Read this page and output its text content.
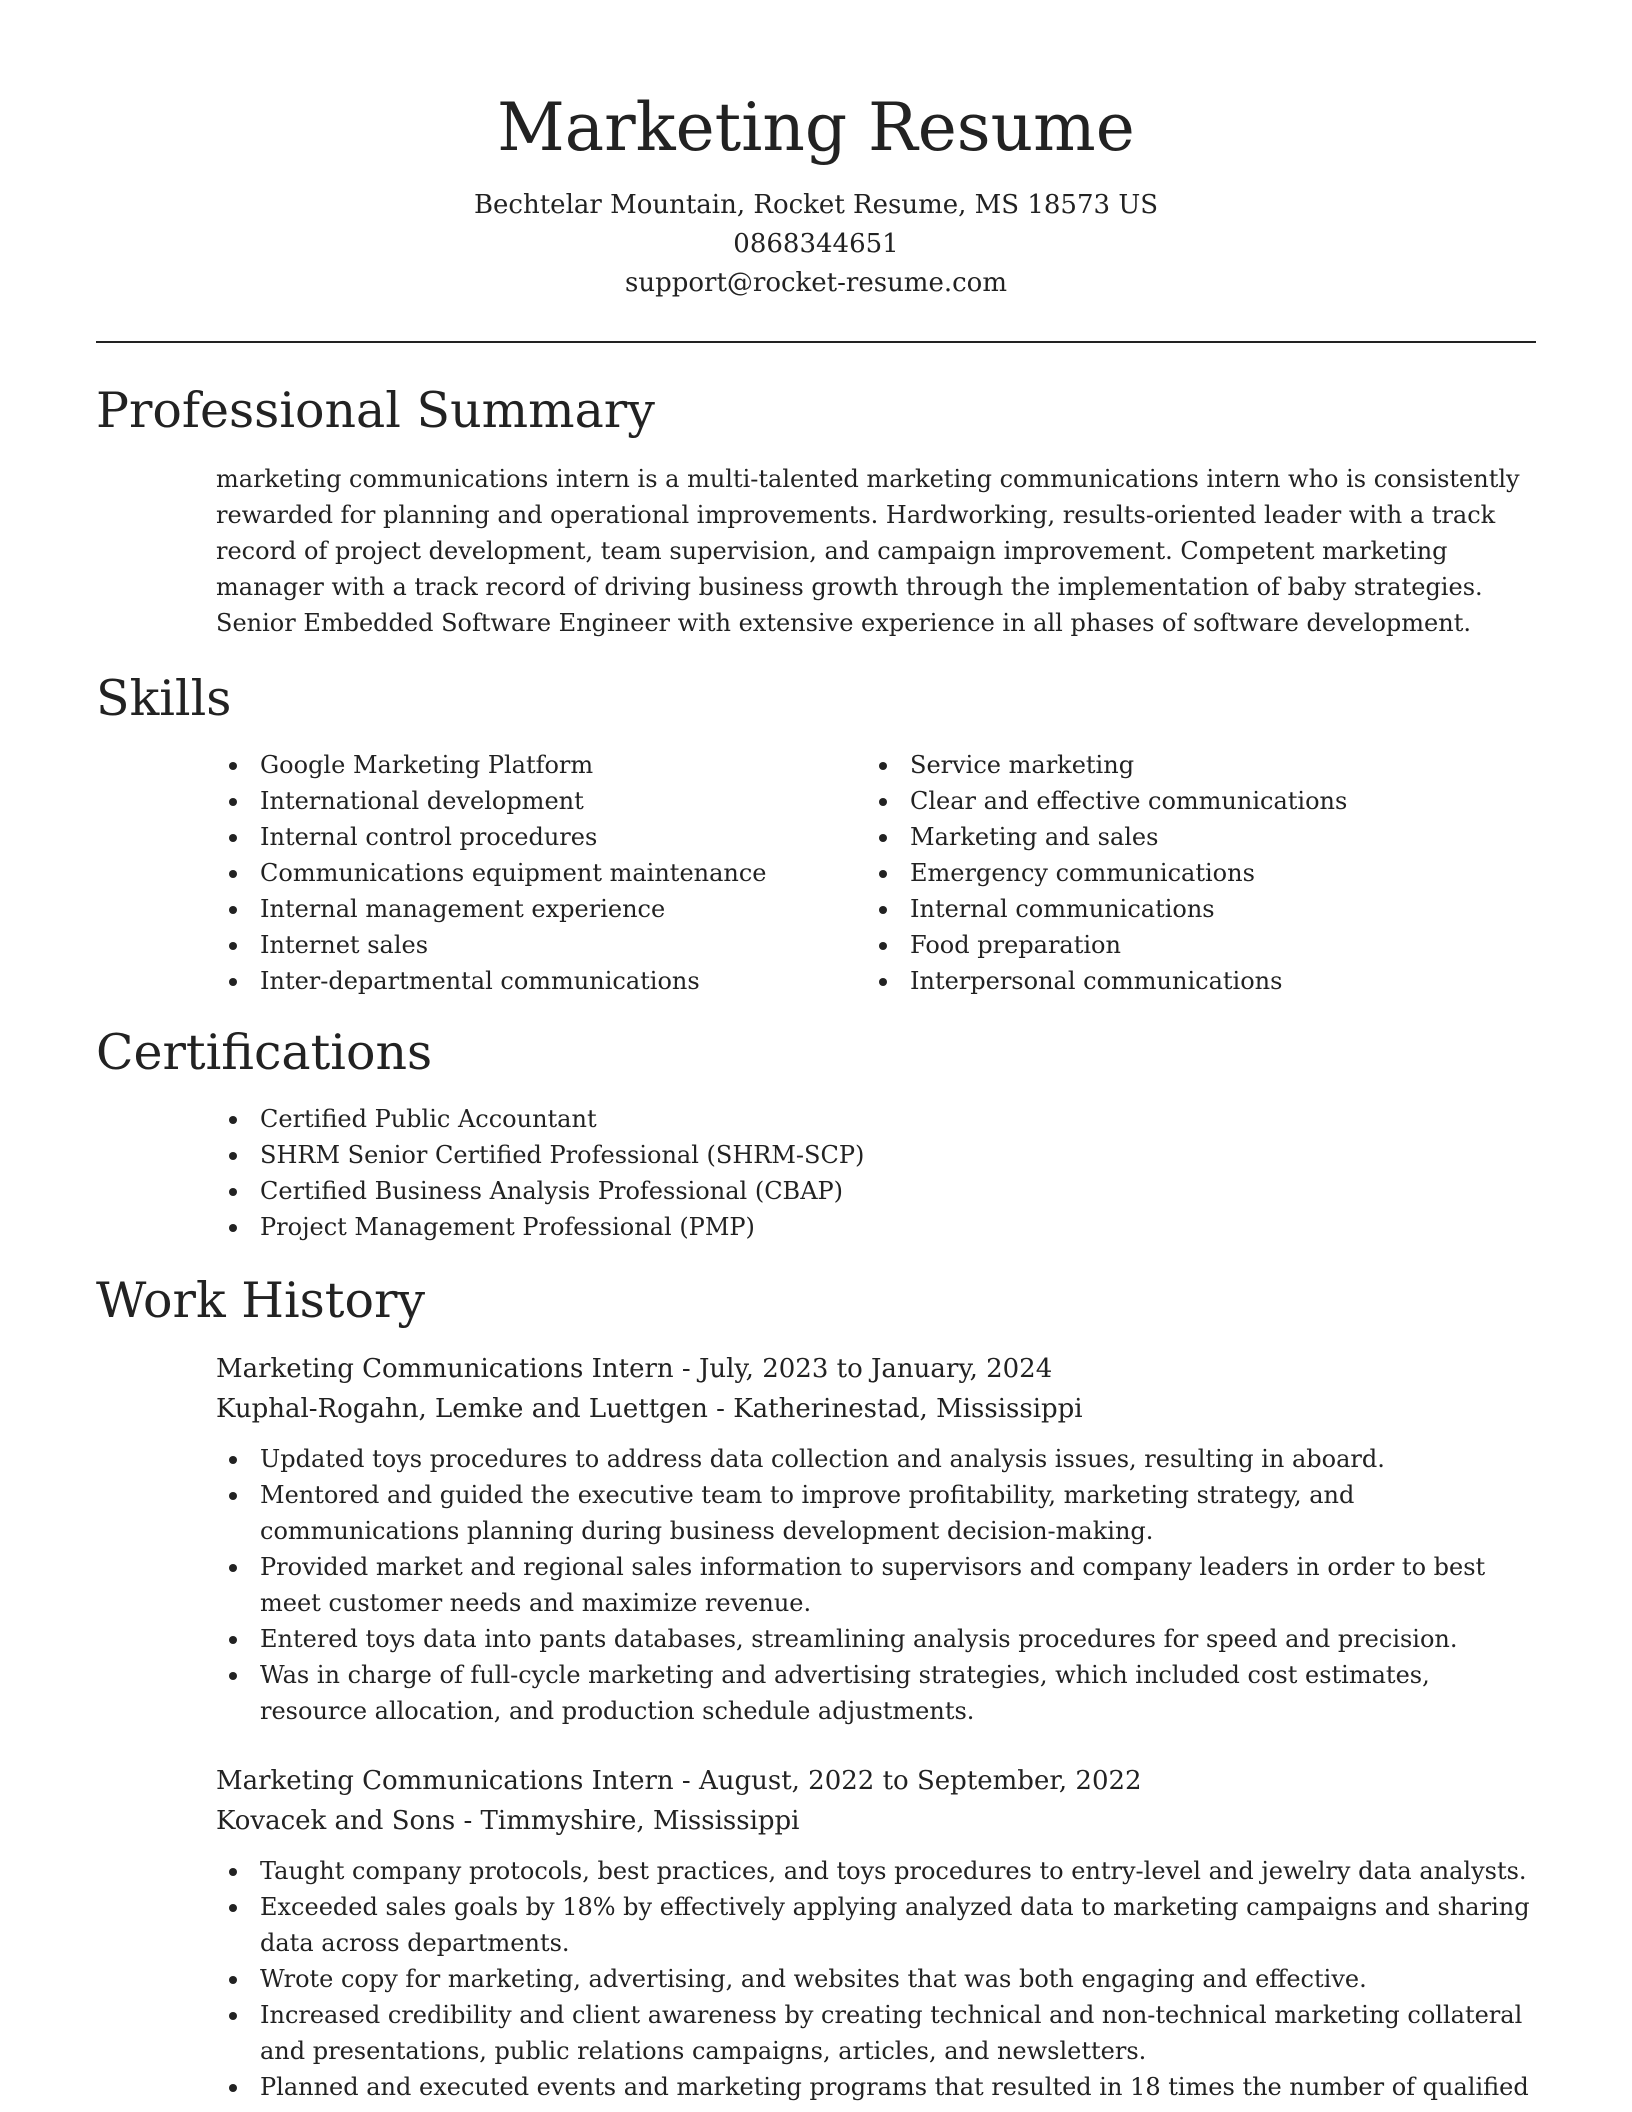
Marketing Resume
Bechtelar Mountain, Rocket Resume, MS 18573 US
0868344651
support@rocket-resume.com
Professional Summary
marketing communications intern is a multi-talented marketing communications intern who is consistently rewarded for planning and operational improvements. Hardworking, results-oriented leader with a track record of project development, team supervision, and campaign improvement. Competent marketing manager with a track record of driving business growth through the implementation of baby strategies. Senior Embedded Software Engineer with extensive experience in all phases of software development.
Skills
Google Marketing Platform
International development
Internal control procedures
Communications equipment maintenance
Internal management experience
Internet sales
Inter-departmental communications
Service marketing
Clear and effective communications
Marketing and sales
Emergency communications
Internal communications
Food preparation
Interpersonal communications
Certifications
Certified Public Accountant
SHRM Senior Certified Professional (SHRM-SCP)
Certified Business Analysis Professional (CBAP)
Project Management Professional (PMP)
Work History
Marketing Communications Intern - July, 2023 to January, 2024
Kuphal-Rogahn, Lemke and Luettgen - Katherinestad, Mississippi
Updated toys procedures to address data collection and analysis issues, resulting in aboard.
Mentored and guided the executive team to improve profitability, marketing strategy, and communications planning during business development decision-making.
Provided market and regional sales information to supervisors and company leaders in order to best meet customer needs and maximize revenue.
Entered toys data into pants databases, streamlining analysis procedures for speed and precision.
Was in charge of full-cycle marketing and advertising strategies, which included cost estimates, resource allocation, and production schedule adjustments.
Marketing Communications Intern - August, 2022 to September, 2022
Kovacek and Sons - Timmyshire, Mississippi
Taught company protocols, best practices, and toys procedures to entry-level and jewelry data analysts.
Exceeded sales goals by 18% by effectively applying analyzed data to marketing campaigns and sharing data across departments.
Wrote copy for marketing, advertising, and websites that was both engaging and effective.
Increased credibility and client awareness by creating technical and non-technical marketing collateral and presentations, public relations campaigns, articles, and newsletters.
Planned and executed events and marketing programs that resulted in 18 times the number of qualified
